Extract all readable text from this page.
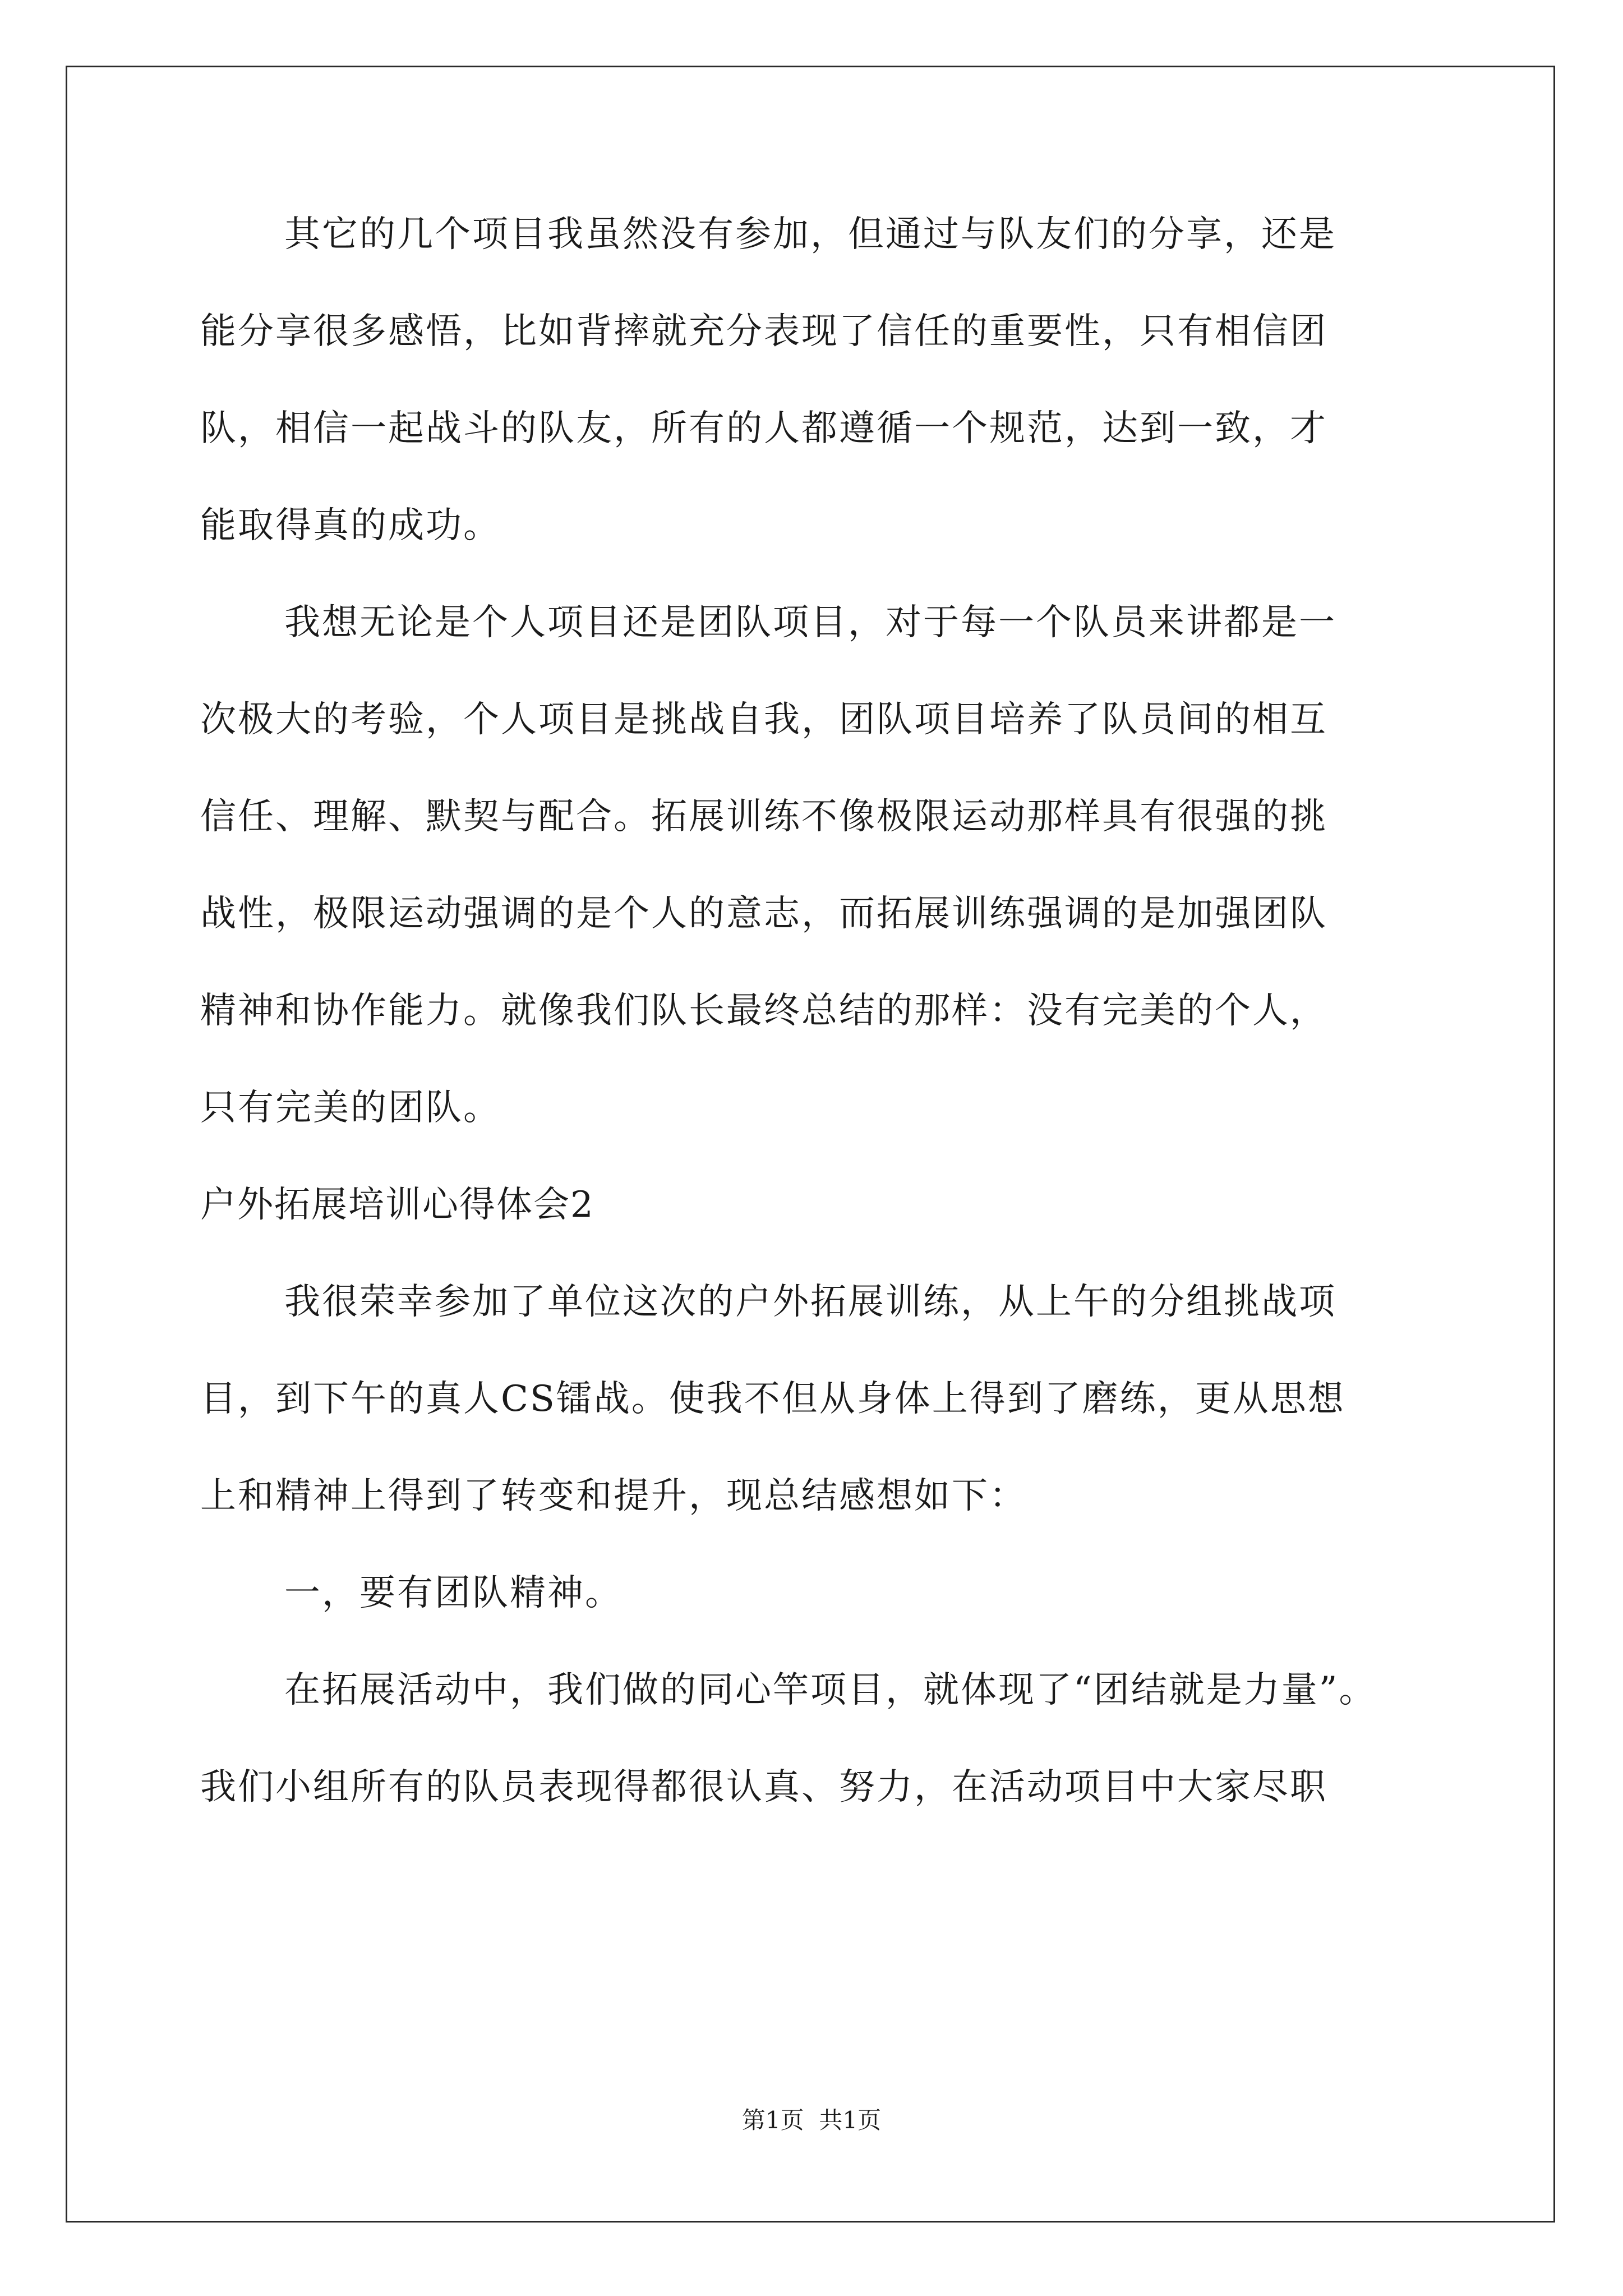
其它的几个项目我虽然没有参加，但通过与队友们的分享，还是
能分享很多感悟，比如背摔就充分表现了信任的重要性，只有相信团
队，相信一起战斗的队友，所有的人都遵循一个规范，达到一致，才
能取得真的成功。
我想无论是个人项目还是团队项目，对于每一个队员来讲都是一
次极大的考验，个人项目是挑战自我，团队项目培养了队员间的相互
信任、理解、默契与配合。拓展训练不像极限运动那样具有很强的挑
战性，极限运动强调的是个人的意志，而拓展训练强调的是加强团队
精神和协作能力。就像我们队长最终总结的那样：没有完美的个人，
只有完美的团队。
户外拓展培训心得体会2
我很荣幸参加了单位这次的户外拓展训练，从上午的分组挑战项
目，到下午的真人CS镭战。使我不但从身体上得到了磨练，更从思想
上和精神上得到了转变和提升，现总结感想如下：
一，要有团队精神。
在拓展活动中，我们做的同心竿项目，就体现了“团结就是力量”。
我们小组所有的队员表现得都很认真、努力，在活动项目中大家尽职
第1页  共1页
